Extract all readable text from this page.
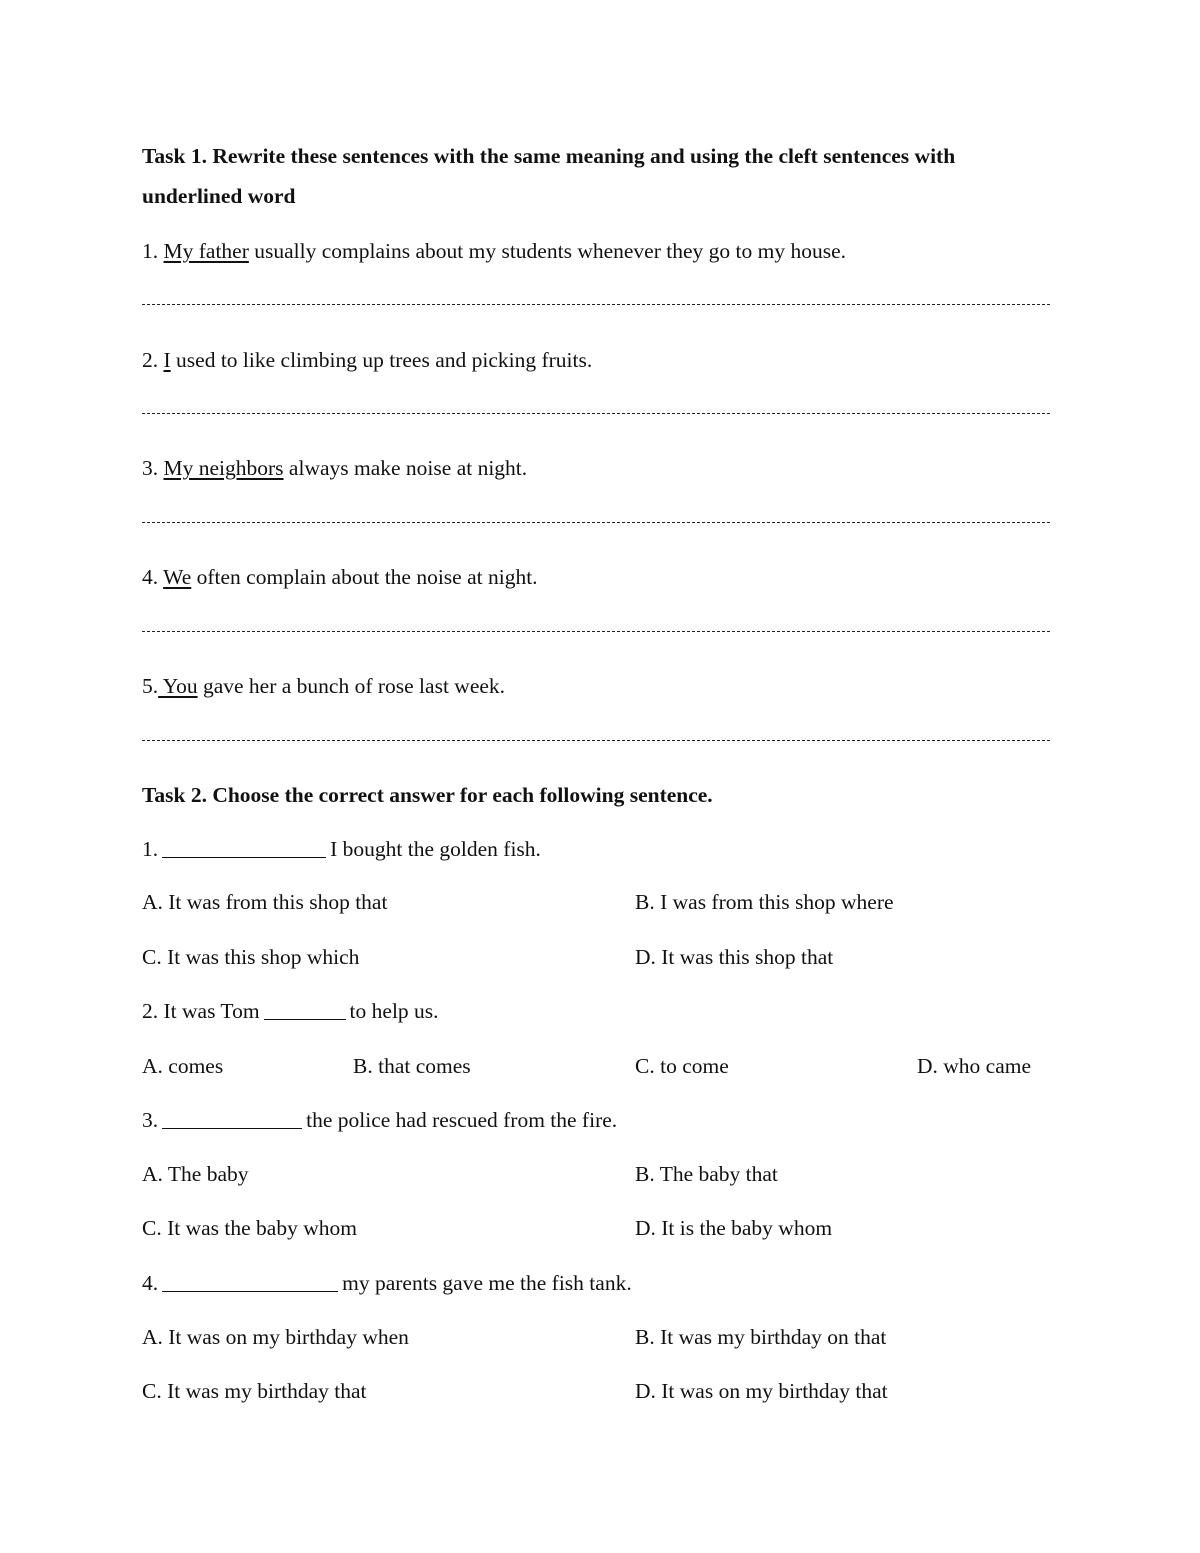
Task 1. Rewrite these sentences with the same meaning and using the cleft sentences with
underlined word
1. My father usually complains about my students whenever they go to my house.
2. I used to like climbing up trees and picking fruits.
3. My neighbors always make noise at night.
4. We often complain about the noise at night.
5. You gave her a bunch of rose last week.
Task 2. Choose the correct answer for each following sentence.
1.	I bought the golden fish.
A. It was from this shop that	B. I was from this shop where
C. It was this shop which	D. It was this shop that
2. It was Tom	to help us.
A. comes	B. that comes	C. to come	D. who came
3.	the police had rescued from the fire.
A. The baby	B. The baby that
C. It was the baby whom	D. It is the baby whom
4.	my parents gave me the fish tank.
A. It was on my birthday when	B. It was my birthday on that
C. It was my birthday that	D. It was on my birthday that
